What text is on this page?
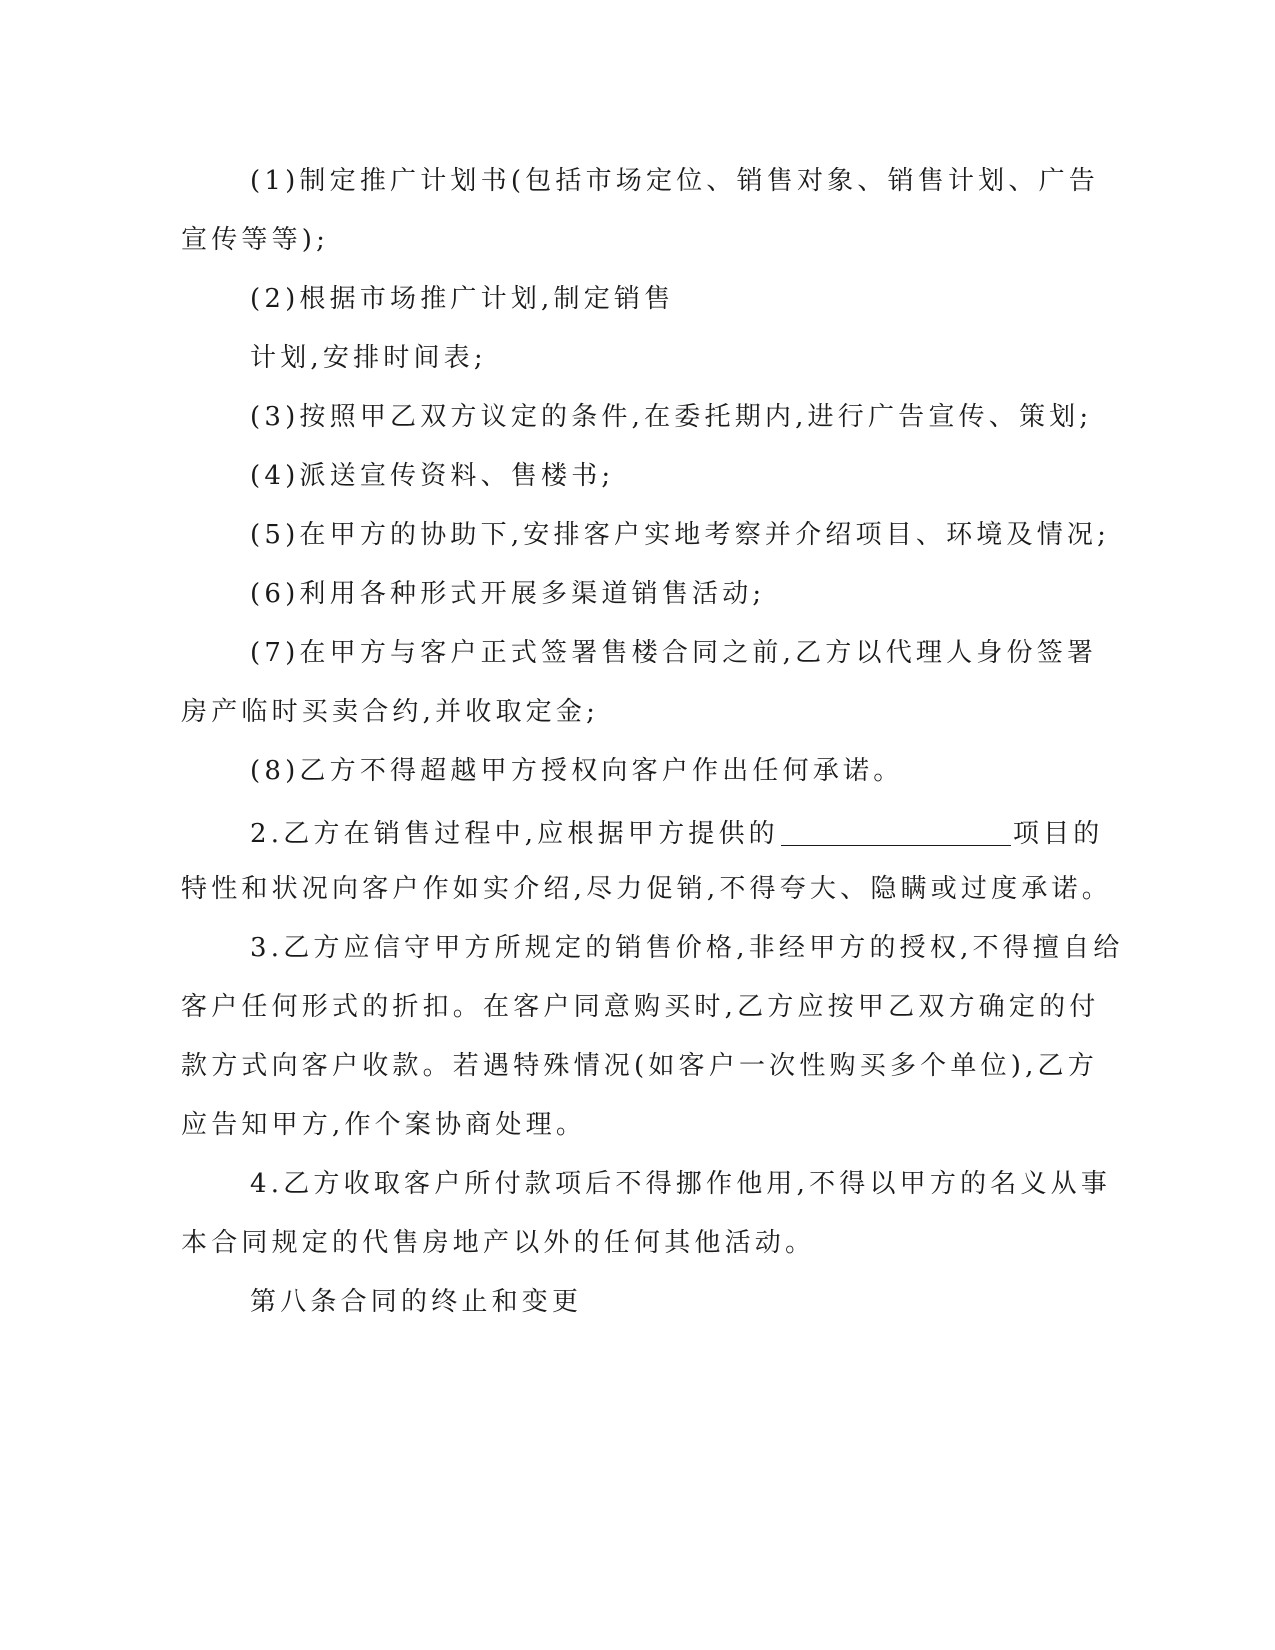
(1)制定推广计划书(包括市场定位、销售对象、销售计划、广告
宣传等等);
(2)根据市场推广计划,制定销售
计划,安排时间表;
(3)按照甲乙双方议定的条件,在委托期内,进行广告宣传、策划;
(4)派送宣传资料、售楼书;
(5)在甲方的协助下,安排客户实地考察并介绍项目、环境及情况;
(6)利用各种形式开展多渠道销售活动;
(7)在甲方与客户正式签署售楼合同之前,乙方以代理人身份签署
房产临时买卖合约,并收取定金;
(8)乙方不得超越甲方授权向客户作出任何承诺。
2.乙方在销售过程中,应根据甲方提供的	项目的
特性和状况向客户作如实介绍,尽力促销,不得夸大、隐瞒或过度承诺。
3.乙方应信守甲方所规定的销售价格,非经甲方的授权,不得擅自给
客户任何形式的折扣。在客户同意购买时,乙方应按甲乙双方确定的付
款方式向客户收款。若遇特殊情况(如客户一次性购买多个单位),乙方
应告知甲方,作个案协商处理。
4.乙方收取客户所付款项后不得挪作他用,不得以甲方的名义从事
本合同规定的代售房地产以外的任何其他活动。
第八条合同的终止和变更
